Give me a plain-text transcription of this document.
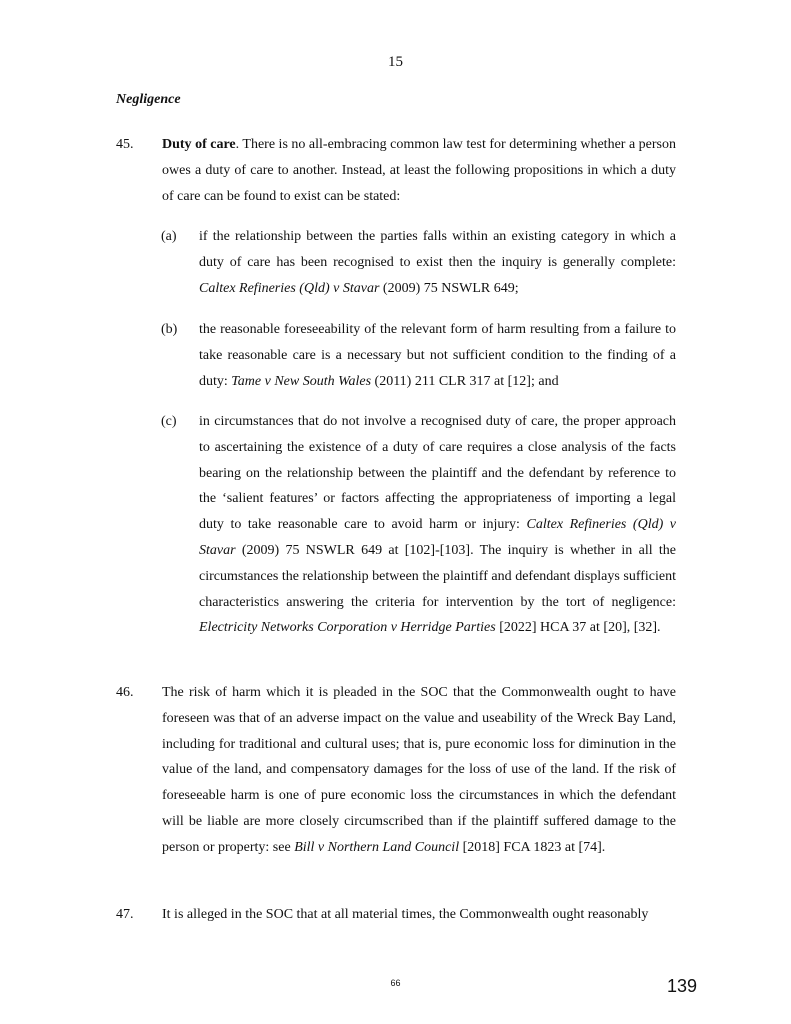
15
Negligence
45. Duty of care. There is no all-embracing common law test for determining whether a person owes a duty of care to another. Instead, at least the following propositions in which a duty of care can be found to exist can be stated:
(a) if the relationship between the parties falls within an existing category in which a duty of care has been recognised to exist then the inquiry is generally complete: Caltex Refineries (Qld) v Stavar (2009) 75 NSWLR 649;
(b) the reasonable foreseeability of the relevant form of harm resulting from a failure to take reasonable care is a necessary but not sufficient condition to the finding of a duty: Tame v New South Wales (2011) 211 CLR 317 at [12]; and
(c) in circumstances that do not involve a recognised duty of care, the proper approach to ascertaining the existence of a duty of care requires a close analysis of the facts bearing on the relationship between the plaintiff and the defendant by reference to the ‘salient features’ or factors affecting the appropriateness of importing a legal duty to take reasonable care to avoid harm or injury: Caltex Refineries (Qld) v Stavar (2009) 75 NSWLR 649 at [102]-[103]. The inquiry is whether in all the circumstances the relationship between the plaintiff and defendant displays sufficient characteristics answering the criteria for intervention by the tort of negligence: Electricity Networks Corporation v Herridge Parties [2022] HCA 37 at [20], [32].
46. The risk of harm which it is pleaded in the SOC that the Commonwealth ought to have foreseen was that of an adverse impact on the value and useability of the Wreck Bay Land, including for traditional and cultural uses; that is, pure economic loss for diminution in the value of the land, and compensatory damages for the loss of use of the land. If the risk of foreseeable harm is one of pure economic loss the circumstances in which the defendant will be liable are more closely circumscribed than if the plaintiff suffered damage to the person or property: see Bill v Northern Land Council [2018] FCA 1823 at [74].
47. It is alleged in the SOC that at all material times, the Commonwealth ought reasonably
66	139
